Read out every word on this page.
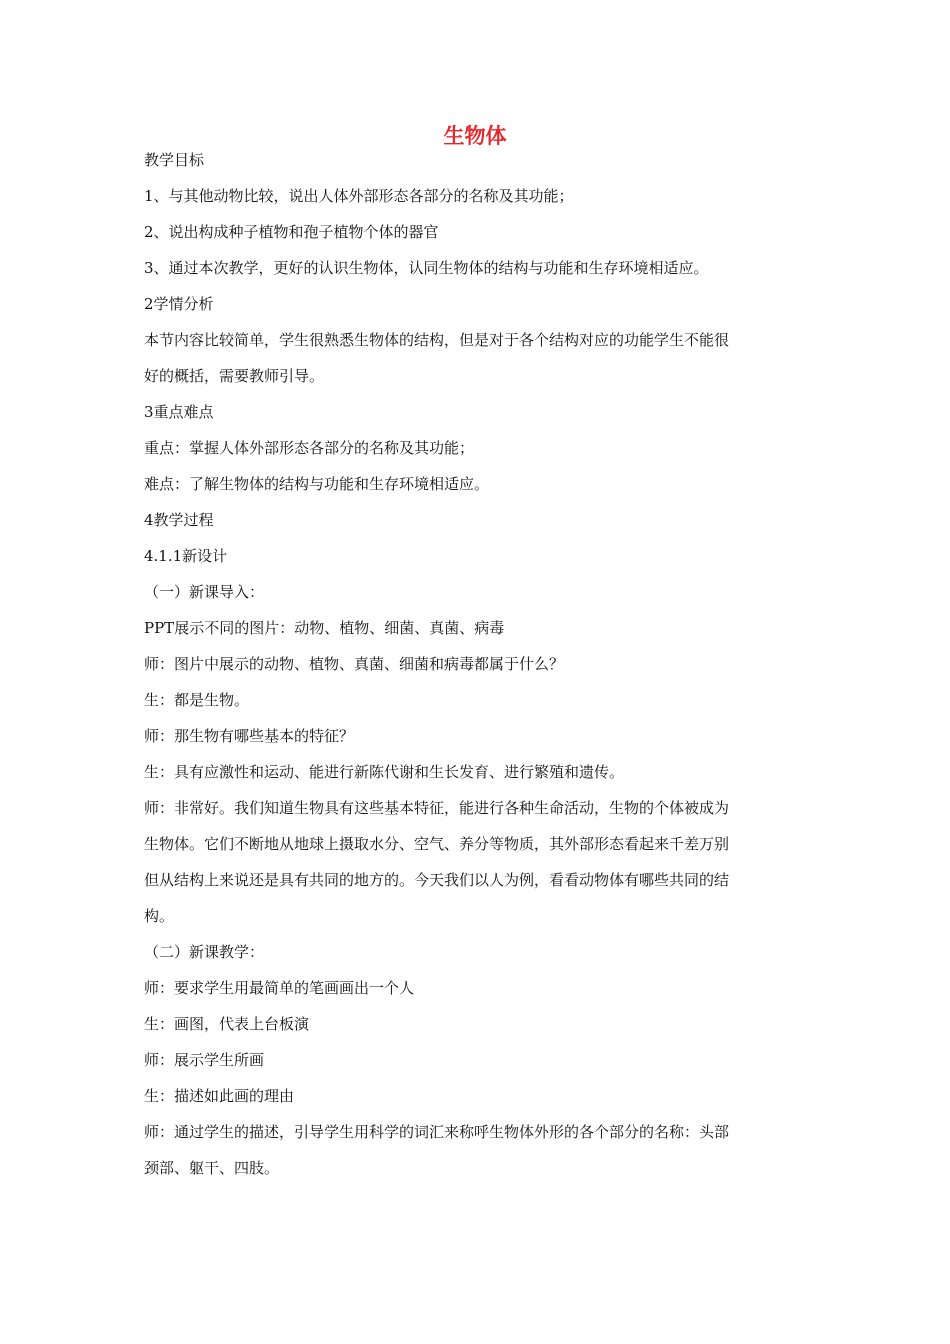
生物体

教学目标

1、与其他动物比较，说出人体外部形态各部分的名称及其功能；

2、说出构成种子植物和孢子植物个体的器官

3、通过本次教学，更好的认识生物体，认同生物体的结构与功能和生存环境相适应。

2学情分析

本节内容比较简单，学生很熟悉生物体的结构，但是对于各个结构对应的功能学生不能很

好的概括，需要教师引导。

3重点难点

重点：掌握人体外部形态各部分的名称及其功能；

难点：了解生物体的结构与功能和生存环境相适应。

4教学过程

4.1.1新设计

（一）新课导入：

PPT展示不同的图片：动物、植物、细菌、真菌、病毒

师：图片中展示的动物、植物、真菌、细菌和病毒都属于什么？

生：都是生物。

师：那生物有哪些基本的特征？

生：具有应激性和运动、能进行新陈代谢和生长发育、进行繁殖和遗传。

师：非常好。我们知道生物具有这些基本特征，能进行各种生命活动，生物的个体被成为

生物体。它们不断地从地球上摄取水分、空气、养分等物质，其外部形态看起来千差万别

但从结构上来说还是具有共同的地方的。今天我们以人为例，看看动物体有哪些共同的结

构。

（二）新课教学：

师：要求学生用最简单的笔画画出一个人

生：画图，代表上台板演

师：展示学生所画

生：描述如此画的理由

师：通过学生的描述，引导学生用科学的词汇来称呼生物体外形的各个部分的名称：头部

颈部、躯干、四肢。
